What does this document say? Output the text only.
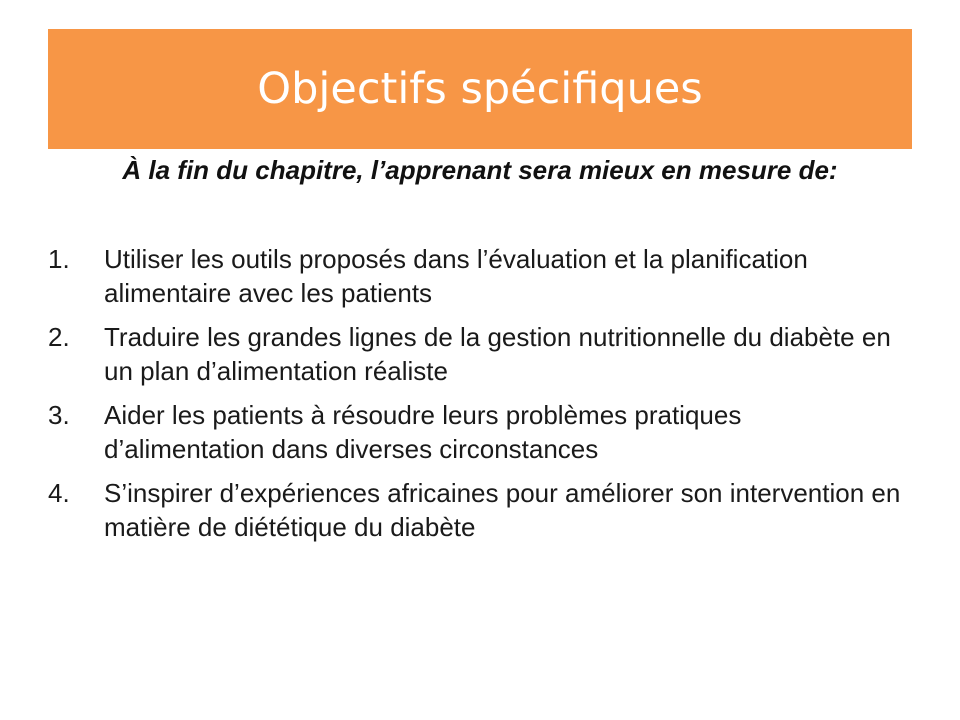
Objectifs spécifiques

À la fin du chapitre, l’apprenant sera mieux en mesure de:

1.	Utiliser les outils proposés dans l’évaluation et la planification alimentaire avec les patients
2.	Traduire les grandes lignes de la gestion nutritionnelle du diabète en un plan d’alimentation réaliste
3.	Aider les patients à résoudre leurs problèmes pratiques d’alimentation dans diverses circonstances
4.	S’inspirer d’expériences africaines pour améliorer son intervention en matière de diététique du diabète
